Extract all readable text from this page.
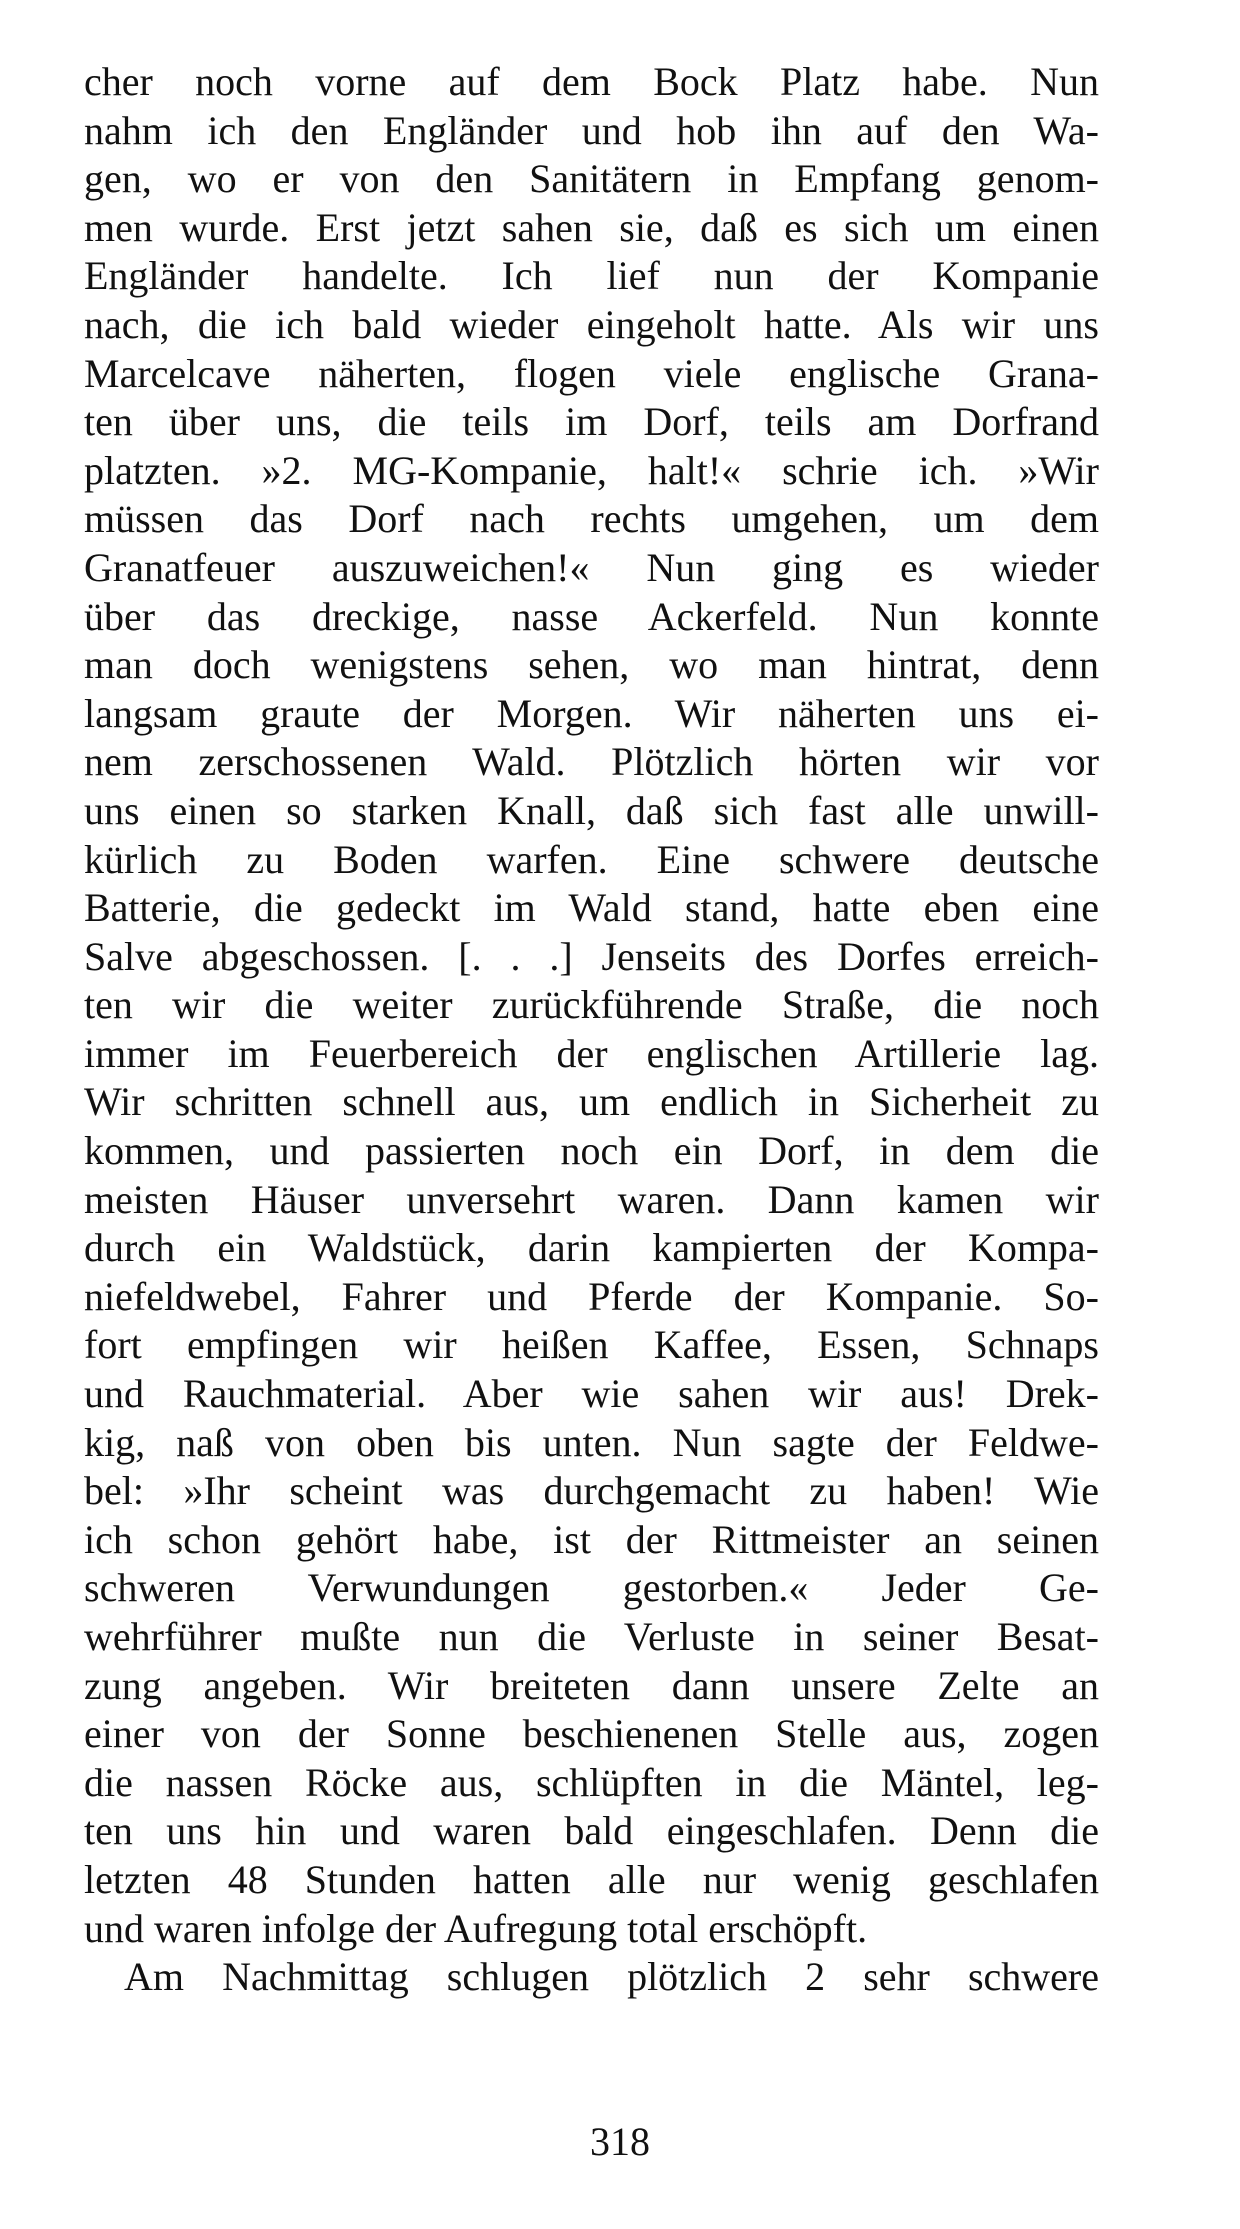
cher noch vorne auf dem Bock Platz habe. Nun
nahm ich den Engländer und hob ihn auf den Wa-
gen, wo er von den Sanitätern in Empfang genom-
men wurde. Erst jetzt sahen sie, daß es sich um einen
Engländer handelte. Ich lief nun der Kompanie
nach, die ich bald wieder eingeholt hatte. Als wir uns
Marcelcave näherten, flogen viele englische Grana-
ten über uns, die teils im Dorf, teils am Dorfrand
platzten. »2. MG-Kompanie, halt!« schrie ich. »Wir
müssen das Dorf nach rechts umgehen, um dem
Granatfeuer auszuweichen!« Nun ging es wieder
über das dreckige, nasse Ackerfeld. Nun konnte
man doch wenigstens sehen, wo man hintrat, denn
langsam graute der Morgen. Wir näherten uns ei-
nem zerschossenen Wald. Plötzlich hörten wir vor
uns einen so starken Knall, daß sich fast alle unwill-
kürlich zu Boden warfen. Eine schwere deutsche
Batterie, die gedeckt im Wald stand, hatte eben eine
Salve abgeschossen. [. . .] Jenseits des Dorfes erreich-
ten wir die weiter zurückführende Straße, die noch
immer im Feuerbereich der englischen Artillerie lag.
Wir schritten schnell aus, um endlich in Sicherheit zu
kommen, und passierten noch ein Dorf, in dem die
meisten Häuser unversehrt waren. Dann kamen wir
durch ein Waldstück, darin kampierten der Kompa-
niefeldwebel, Fahrer und Pferde der Kompanie. So-
fort empfingen wir heißen Kaffee, Essen, Schnaps
und Rauchmaterial. Aber wie sahen wir aus! Drek-
kig, naß von oben bis unten. Nun sagte der Feldwe-
bel: »Ihr scheint was durchgemacht zu haben! Wie
ich schon gehört habe, ist der Rittmeister an seinen
schweren Verwundungen gestorben.« Jeder Ge-
wehrführer mußte nun die Verluste in seiner Besat-
zung angeben. Wir breiteten dann unsere Zelte an
einer von der Sonne beschienenen Stelle aus, zogen
die nassen Röcke aus, schlüpften in die Mäntel, leg-
ten uns hin und waren bald eingeschlafen. Denn die
letzten 48 Stunden hatten alle nur wenig geschlafen
und waren infolge der Aufregung total erschöpft.
Am Nachmittag schlugen plötzlich 2 sehr schwere
318
